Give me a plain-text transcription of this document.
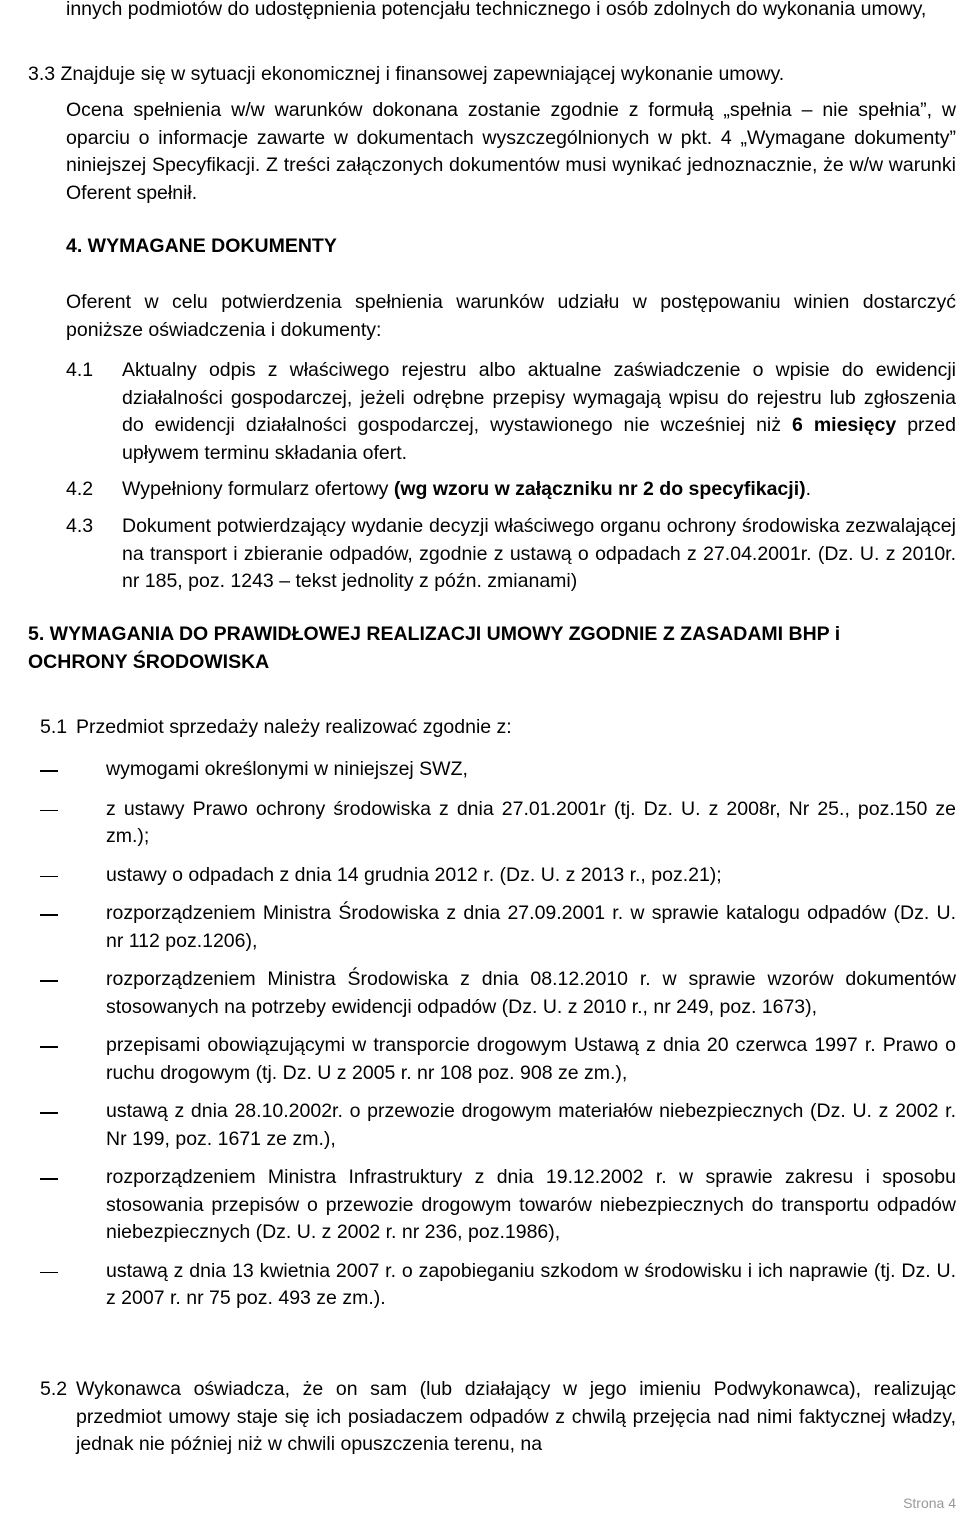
innych podmiotów do udostępnienia potencjału technicznego i osób zdolnych do wykonania umowy,

3.3 Znajduje się w sytuacji ekonomicznej i finansowej zapewniającej wykonanie umowy.

Ocena spełnienia w/w warunków dokonana zostanie zgodnie z formułą „spełnia – nie spełnia”, w oparciu o informacje zawarte w dokumentach wyszczególnionych w pkt. 4 „Wymagane dokumenty” niniejszej Specyfikacji. Z treści załączonych dokumentów musi wynikać jednoznacznie, że w/w warunki Oferent spełnił.

4. WYMAGANE DOKUMENTY

Oferent w celu potwierdzenia spełnienia warunków udziału w postępowaniu winien dostarczyć poniższe oświadczenia i dokumenty:

4.1 Aktualny odpis z właściwego rejestru albo aktualne zaświadczenie o wpisie do ewidencji działalności gospodarczej, jeżeli odrębne przepisy wymagają wpisu do rejestru lub zgłoszenia do ewidencji działalności gospodarczej, wystawionego nie wcześniej niż 6 miesięcy przed upływem terminu składania ofert.
4.2 Wypełniony formularz ofertowy (wg wzoru w załączniku nr 2 do specyfikacji).
4.3 Dokument potwierdzający wydanie decyzji właściwego organu ochrony środowiska zezwalającej na transport i zbieranie odpadów, zgodnie z ustawą o odpadach z 27.04.2001r. (Dz. U. z 2010r. nr 185, poz. 1243 – tekst jednolity z późn. zmianami)
5. WYMAGANIA DO PRAWIDŁOWEJ REALIZACJI UMOWY ZGODNIE Z ZASADAMI BHP i OCHRONY ŚRODOWISKA
5.1 Przedmiot sprzedaży należy realizować zgodnie z:
wymogami określonymi w niniejszej SWZ,
z ustawy Prawo ochrony środowiska z dnia 27.01.2001r (tj. Dz. U. z 2008r, Nr 25., poz.150 ze zm.);
ustawy o odpadach z dnia 14 grudnia 2012 r. (Dz. U. z 2013 r., poz.21);
rozporządzeniem Ministra Środowiska z dnia 27.09.2001 r. w sprawie katalogu odpadów (Dz. U. nr 112 poz.1206),
rozporządzeniem Ministra Środowiska z dnia 08.12.2010 r. w sprawie wzorów dokumentów stosowanych na potrzeby ewidencji odpadów (Dz. U. z 2010 r., nr 249, poz. 1673),
przepisami obowiązującymi w transporcie drogowym Ustawą z dnia 20 czerwca 1997 r. Prawo o ruchu drogowym (tj. Dz. U z 2005 r. nr 108 poz. 908 ze zm.),
ustawą z dnia 28.10.2002r. o przewozie drogowym materiałów niebezpiecznych (Dz. U. z 2002 r. Nr 199, poz. 1671 ze zm.),
rozporządzeniem Ministra Infrastruktury z dnia 19.12.2002 r. w sprawie zakresu i sposobu stosowania przepisów o przewozie drogowym towarów niebezpiecznych do transportu odpadów niebezpiecznych (Dz. U. z 2002 r. nr 236, poz.1986),
ustawą z dnia 13 kwietnia 2007 r. o zapobieganiu szkodom w środowisku i ich naprawie (tj. Dz. U. z 2007 r. nr 75 poz. 493 ze zm.).
5.2 Wykonawca oświadcza, że on sam (lub działający w jego imieniu Podwykonawca), realizując przedmiot umowy staje się ich posiadaczem odpadów z chwilą przejęcia nad nimi faktycznej władzy, jednak nie później niż w chwili opuszczenia terenu, na
Strona 4
